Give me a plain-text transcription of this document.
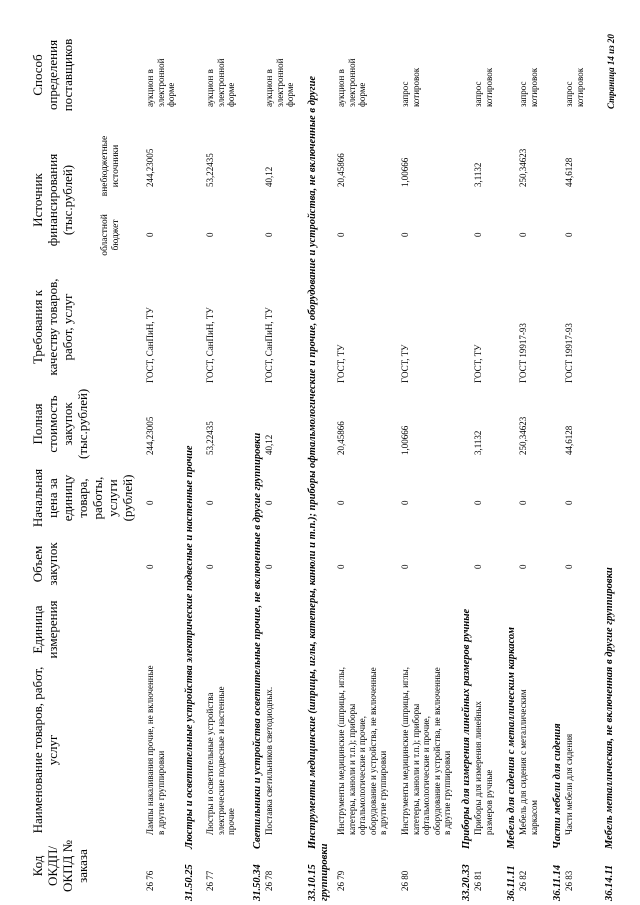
Код ОКДП/ ОКПД № заказа
Наименование товаров, работ, услуг
Единица измерения
Объем закупок
Начальная цена за единицу товара, работы, услуги (рублей)
Полная стоимость закупок (тыс.рублей)
Требования к качеству товаров, работ, услуг
Источник финансирования (тыс.рублей)	областной бюджет
внебюджетные источники
Способ определения поставщиков
26 76
Лампы накаливания прочие, не включенные в другие группировки
0
0
244,23005
ГОСТ, СанПиН, ТУ
0
244,23005
аукцион в электронной форме
31.50.25Люстры и осветительные устройства электрические подвесные и настенные прочие
26 77
Люстры и осветительные устройства электрические подвесные и настенные прочие
0
0
53,22435
ГОСТ, СанПиН, ТУ
0
53,22435
аукцион в электронной форме
31.50.34Светильники и устройства осветительные прочие, не включенные в другие группировки
26 78
Поставка светильников светодиодных.
0
0
40,12
ГОСТ, СанПиН, ТУ
0
40,12
аукцион в электронной форме
33.10.15Инструменты медицинские (шприцы, иглы, катетеры, канюли и т.п.); приборы офтальмологические и прочие, оборудование и устройства, не включенные в другие группировки 26 79
Инструменты медицинские (шприцы, иглы, катетеры, канюли и т.п.); приборы офтальмологические и прочие, оборудование и устройства, не включенные в другие группировки
0
0
20,45866
ГОСТ, ТУ
0
20,45866
аукцион в электронной форме
26 80
Инструменты медицинские (шприцы, иглы, катетеры, канюли и т.п.); приборы офтальмологические и прочие, оборудование и устройства, не включенные в другие группировки
0
0
1,00666
ГОСТ, ТУ
0
1,00666
запрос котировок
33.20.33Приборы для измерения линейных размеров ручные
26 81
Приборы для измерения линейных размеров ручные
0
0
3,1132
ГОСТ, ТУ
0
3,1132
запрос котировок
36.11.11Мебель для сидения с металлическим каркасом
26 82
Мебель для сидения с металлическим каркасом
0
0
250,34623
ГОСТ 19917-93
0
250,34623
запрос котировок
36.11.14Части мебели для сидения
26 83
Части мебели для сидения
0
0
44,6128
ГОСТ 19917-93
0
44,6128
запрос котировок
36.14.11Мебель металлическая, не включенная в другие группировки
Страница 14 из 20
